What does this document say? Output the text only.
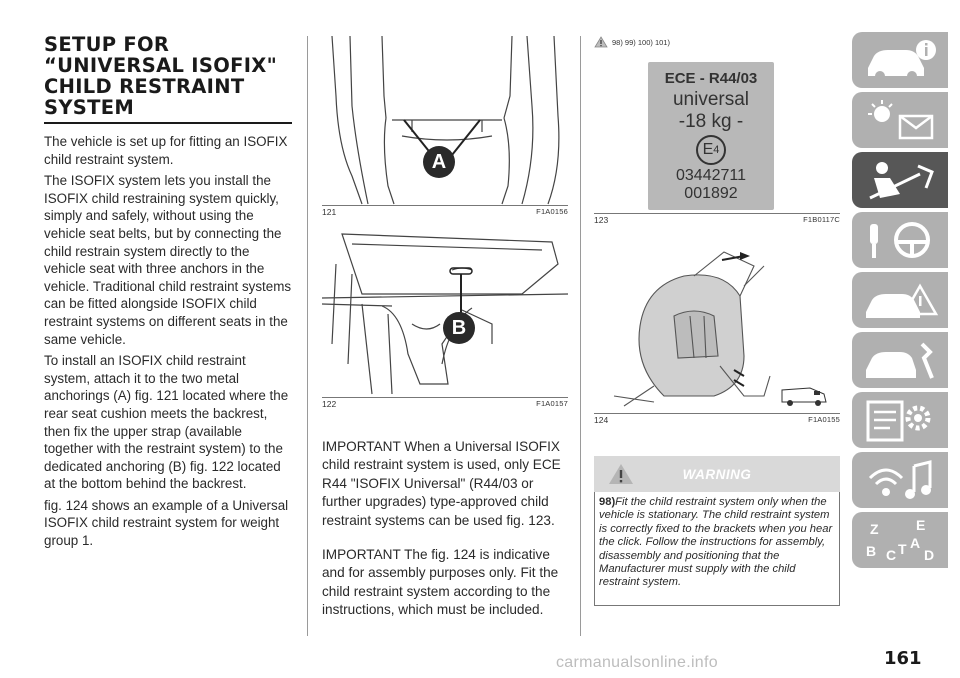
SETUP FOR “UNIVERSAL ISOFIX" CHILD RESTRAINT SYSTEM

The vehicle is set up for fitting an ISOFIX child restraint system.

The ISOFIX system lets you install the ISOFIX child restraining system quickly, simply and safely, without using the vehicle seat belts, but by connecting the child restrain system directly to the vehicle seat with three anchors in the vehicle. Traditional child restraint systems can be fitted alongside ISOFIX child restraint systems on different seats in the same vehicle.

To install an ISOFIX child restraint system, attach it to the two metal anchorings (A) fig. 121 located where the rear seat cushion meets the backrest, then fix the upper strap (available together with the restraint system) to the dedicated anchoring (B) fig. 122 located at the bottom behind the backrest.

fig. 124 shows an example of a Universal ISOFIX child restraint system for weight group 1.

A
121	F1A0156
B
122	F1A0157

IMPORTANT When a Universal ISOFIX child restraint system is used, only ECE R44 "ISOFIX Universal" (R44/03 or further upgrades) type-approved child restraint systems can be used fig. 123.

IMPORTANT The fig. 124 is indicative and for assembly purposes only. Fit the child restraint system according to the instructions, which must be included.

98) 99) 100) 101)
ECE - R44/03
universal
-18 kg -
E 4
03442711
001892
123	F1B0117C
124	F1A0155
WARNING

98)Fit the child restraint system only when the vehicle is stationary. The child restraint system is correctly fixed to the brackets when you hear the click. Follow the instructions for assembly, disassembly and positioning that the Manufacturer must supply with the child restraint system.

Z	E
A
B C T D
carmanualsonline.info	161
